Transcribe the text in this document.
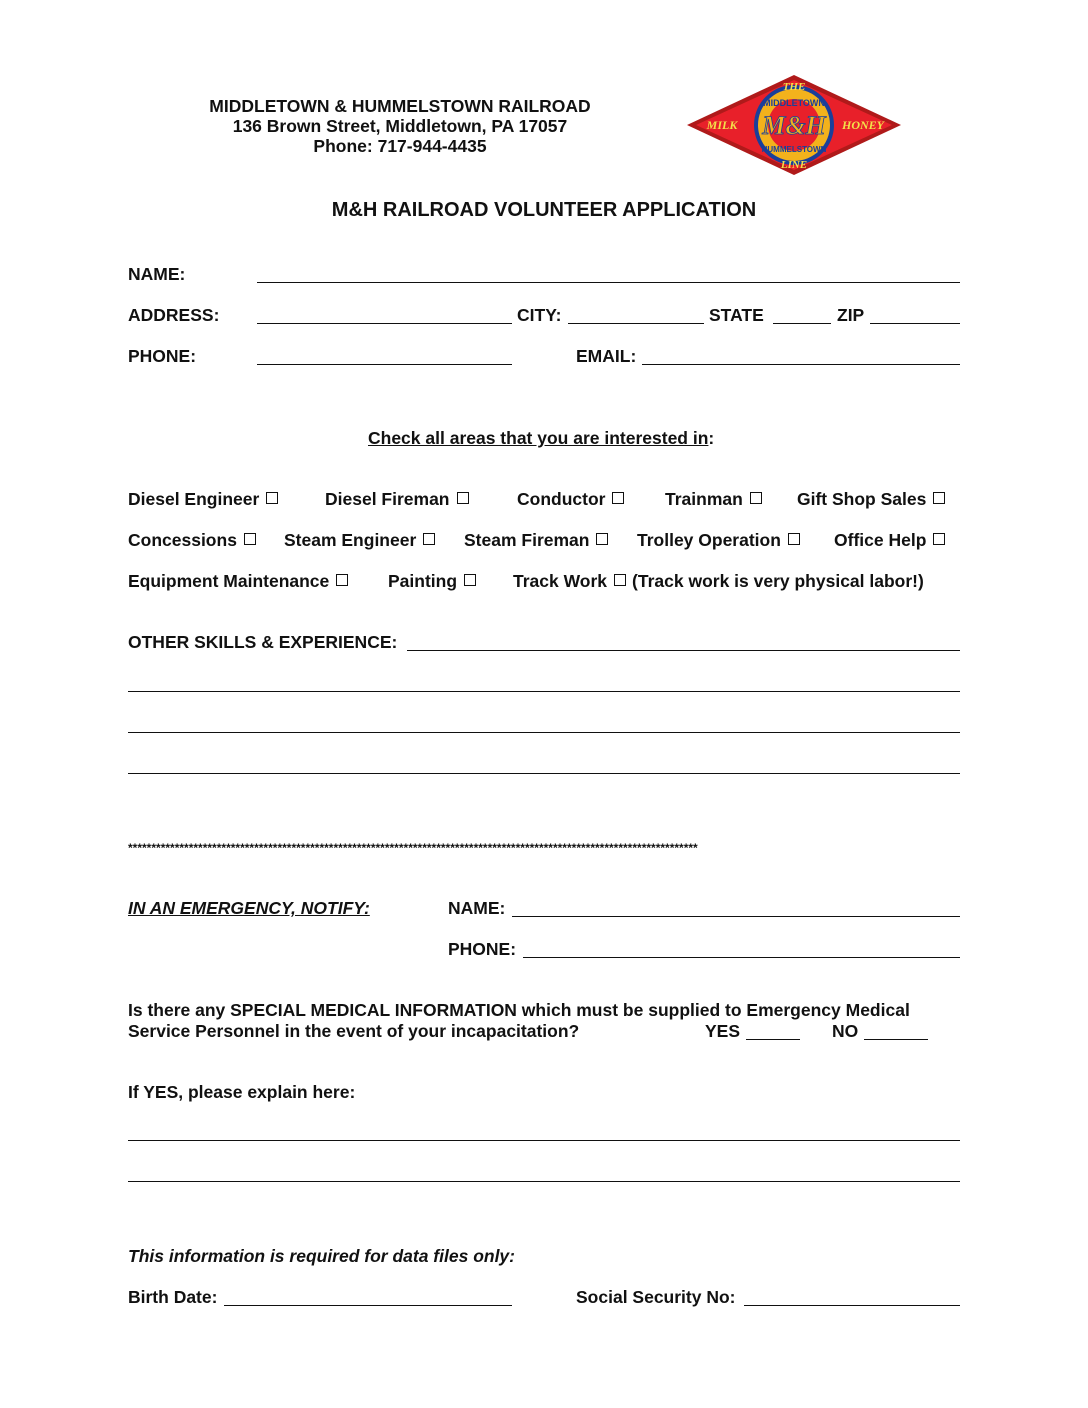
MIDDLETOWN & HUMMELSTOWN RAILROAD
136 Brown Street, Middletown, PA 17057
Phone: 717-944-4435
THE
MIDDLETOWN
M&H
HUMMELSTOWN
MILK	HONEY
LINE
M&H RAILROAD VOLUNTEER APPLICATION
NAME:
ADDRESS:	CITY:	STATE	ZIP
PHONE:	EMAIL:
Check all areas that you are interested in:
Diesel Engineer	Diesel Fireman	Conductor	Trainman	Gift Shop Sales
Concessions	Steam Engineer	Steam Fireman	Trolley Operation	Office Help
Equipment Maintenance	Painting	Track Work (Track work is very physical labor!)
OTHER SKILLS & EXPERIENCE:
**************************************************************************************************************************
IN AN EMERGENCY, NOTIFY:	NAME:
PHONE:
Is there any SPECIAL MEDICAL INFORMATION which must be supplied to Emergency Medical
Service Personnel in the event of your incapacitation?	YES	NO
If YES, please explain here:
This information is required for data files only:
Birth Date:	Social Security No:
